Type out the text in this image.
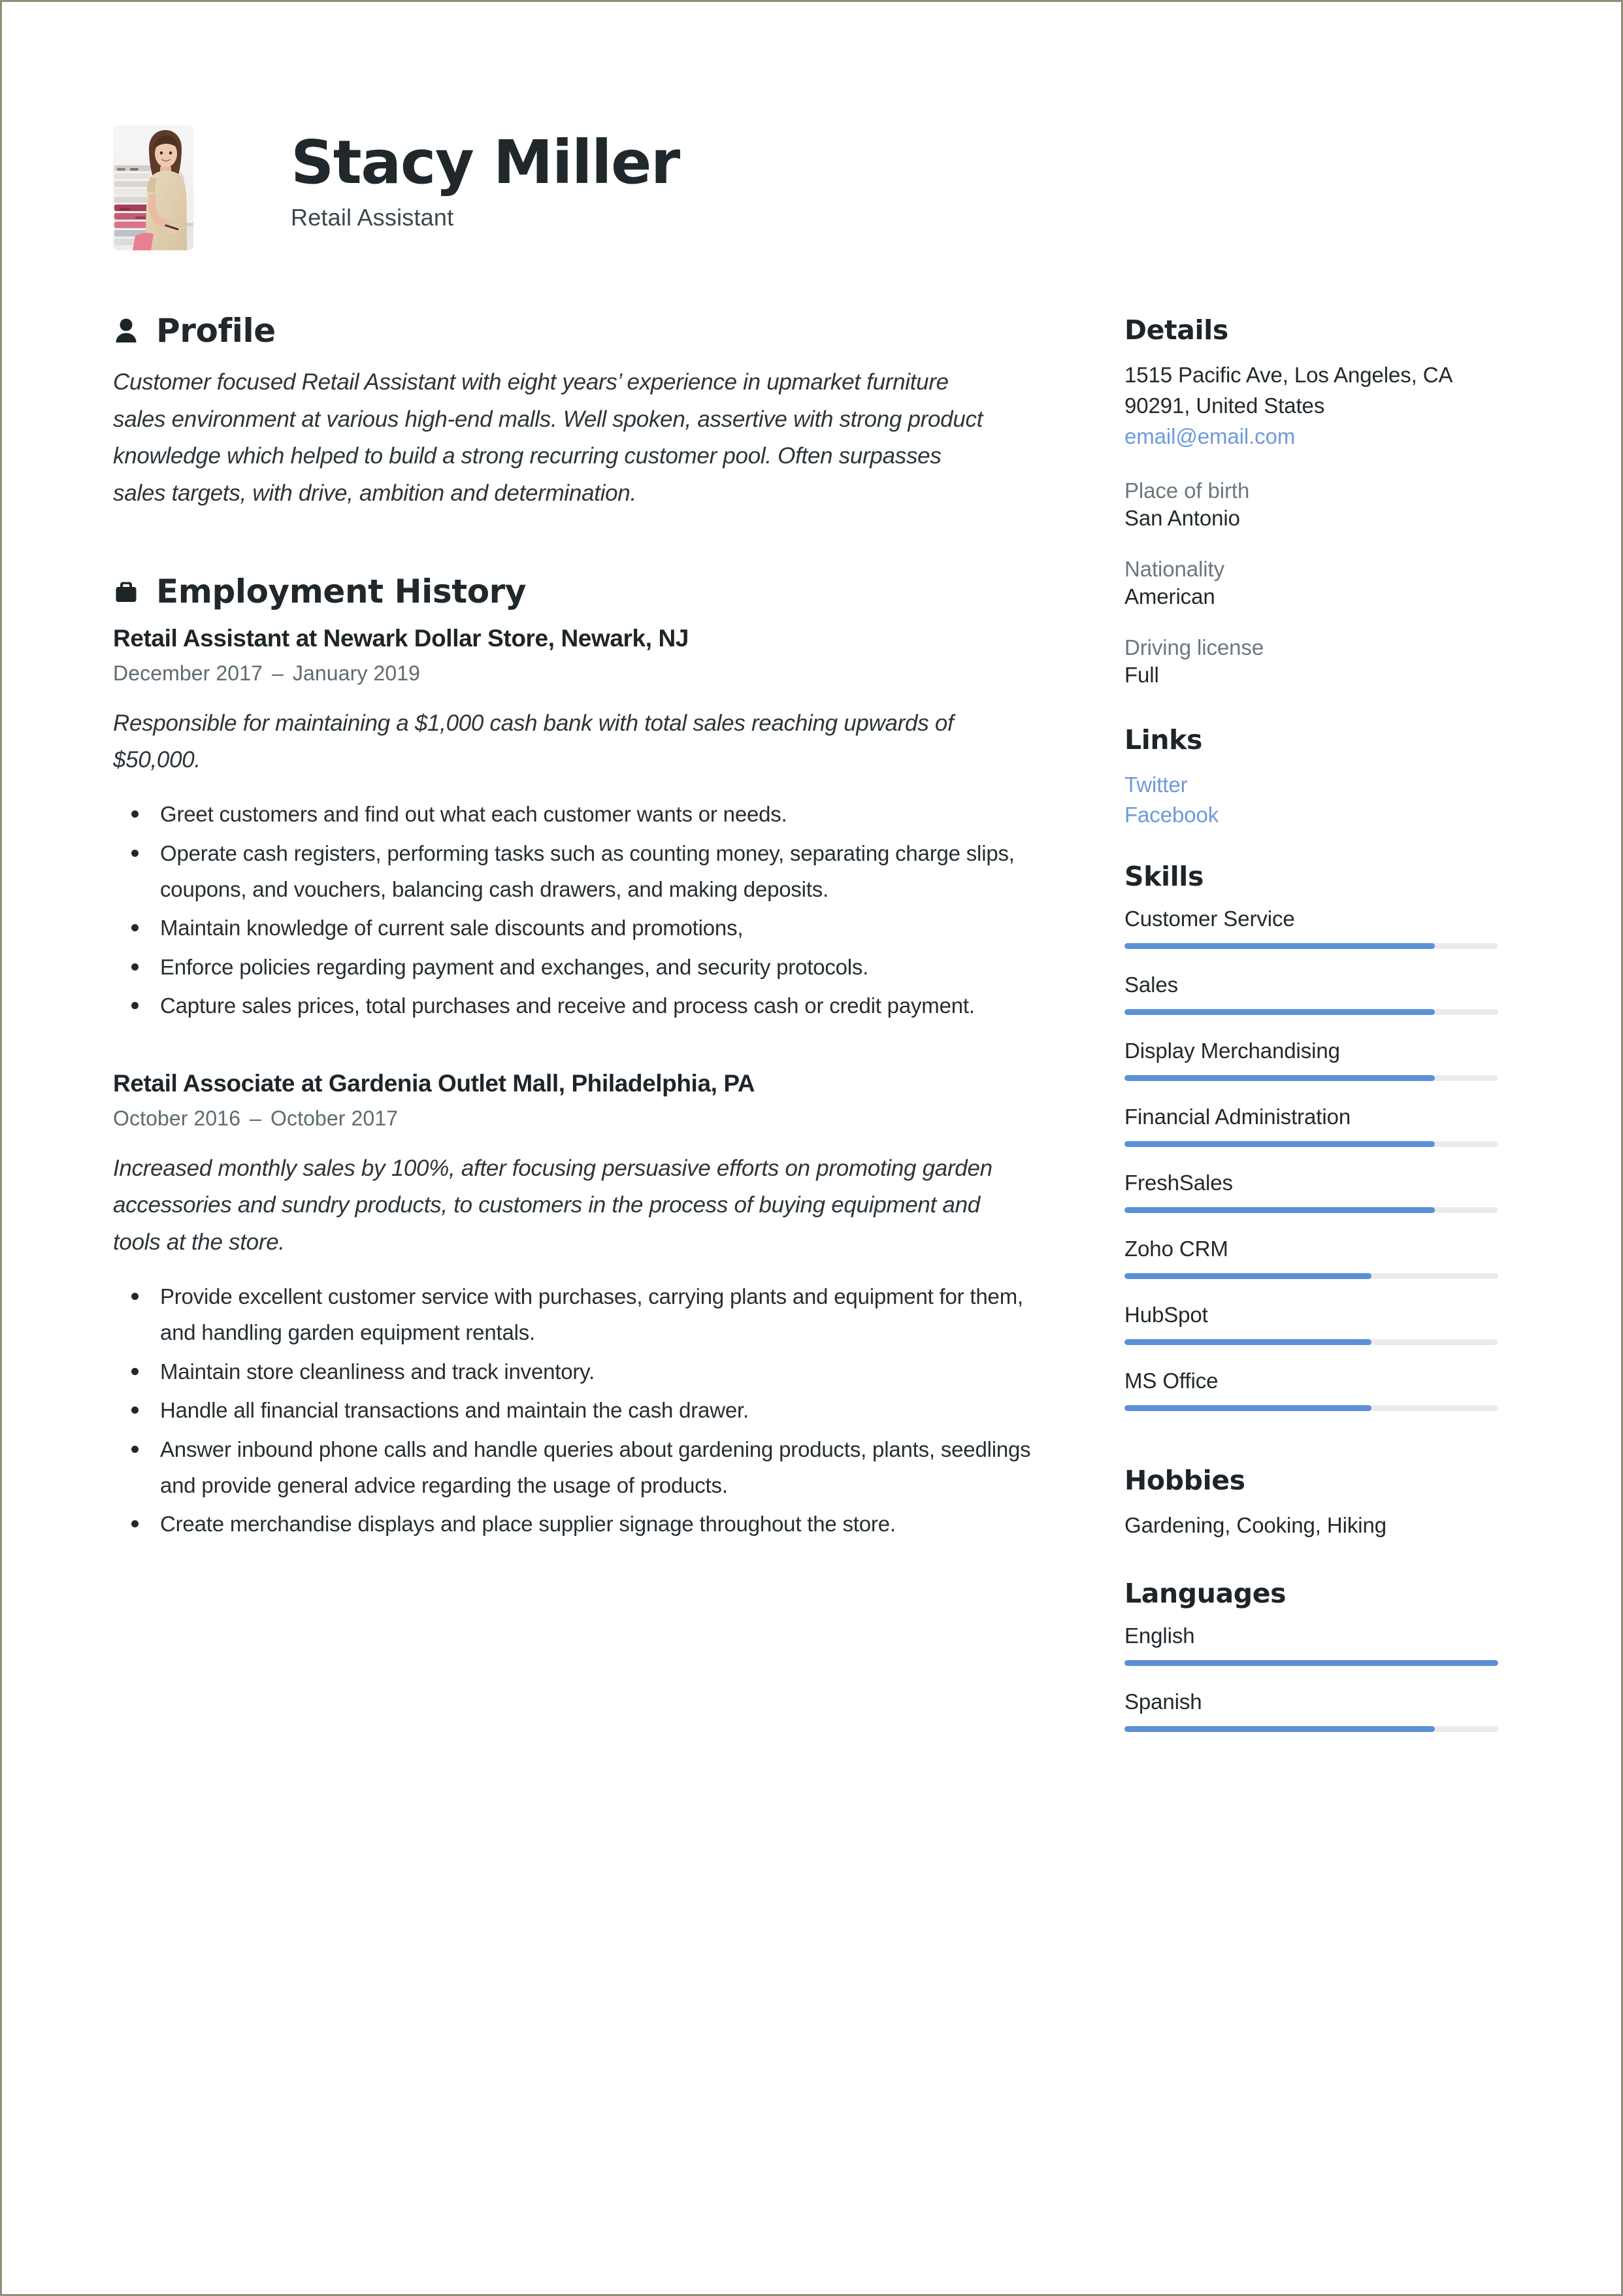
Stacy Miller
Retail Assistant
Profile
Customer focused Retail Assistant with eight years’ experience in upmarket furniture sales environment at various high-end malls. Well spoken, assertive with strong product knowledge which helped to build a strong recurring customer pool. Often surpasses sales targets, with drive, ambition and determination.
Employment History
Retail Assistant at Newark Dollar Store, Newark, NJ
December 2017 – January 2019
Responsible for maintaining a $1,000 cash bank with total sales reaching upwards of $50,000.
Greet customers and find out what each customer wants or needs.
Operate cash registers, performing tasks such as counting money, separating charge slips, coupons, and vouchers, balancing cash drawers, and making deposits.
Maintain knowledge of current sale discounts and promotions,
Enforce policies regarding payment and exchanges, and security protocols.
Capture sales prices, total purchases and receive and process cash or credit payment.
Retail Associate at Gardenia Outlet Mall, Philadelphia, PA
October 2016 – October 2017
Increased monthly sales by 100%, after focusing persuasive efforts on promoting garden accessories and sundry products, to customers in the process of buying equipment and tools at the store.
Provide excellent customer service with purchases, carrying plants and equipment for them, and handling garden equipment rentals.
Maintain store cleanliness and track inventory.
Handle all financial transactions and maintain the cash drawer.
Answer inbound phone calls and handle queries about gardening products, plants, seedlings and provide general advice regarding the usage of products.
Create merchandise displays and place supplier signage throughout the store.
Details
1515 Pacific Ave, Los Angeles, CA
90291, United States
email@email.com
Place of birth
San Antonio
Nationality
American
Driving license
Full
Links
Twitter
Facebook
Skills
Customer Service
Sales
Display Merchandising
Financial Administration
FreshSales
Zoho CRM
HubSpot
MS Office
Hobbies
Gardening, Cooking, Hiking
Languages
English
Spanish
